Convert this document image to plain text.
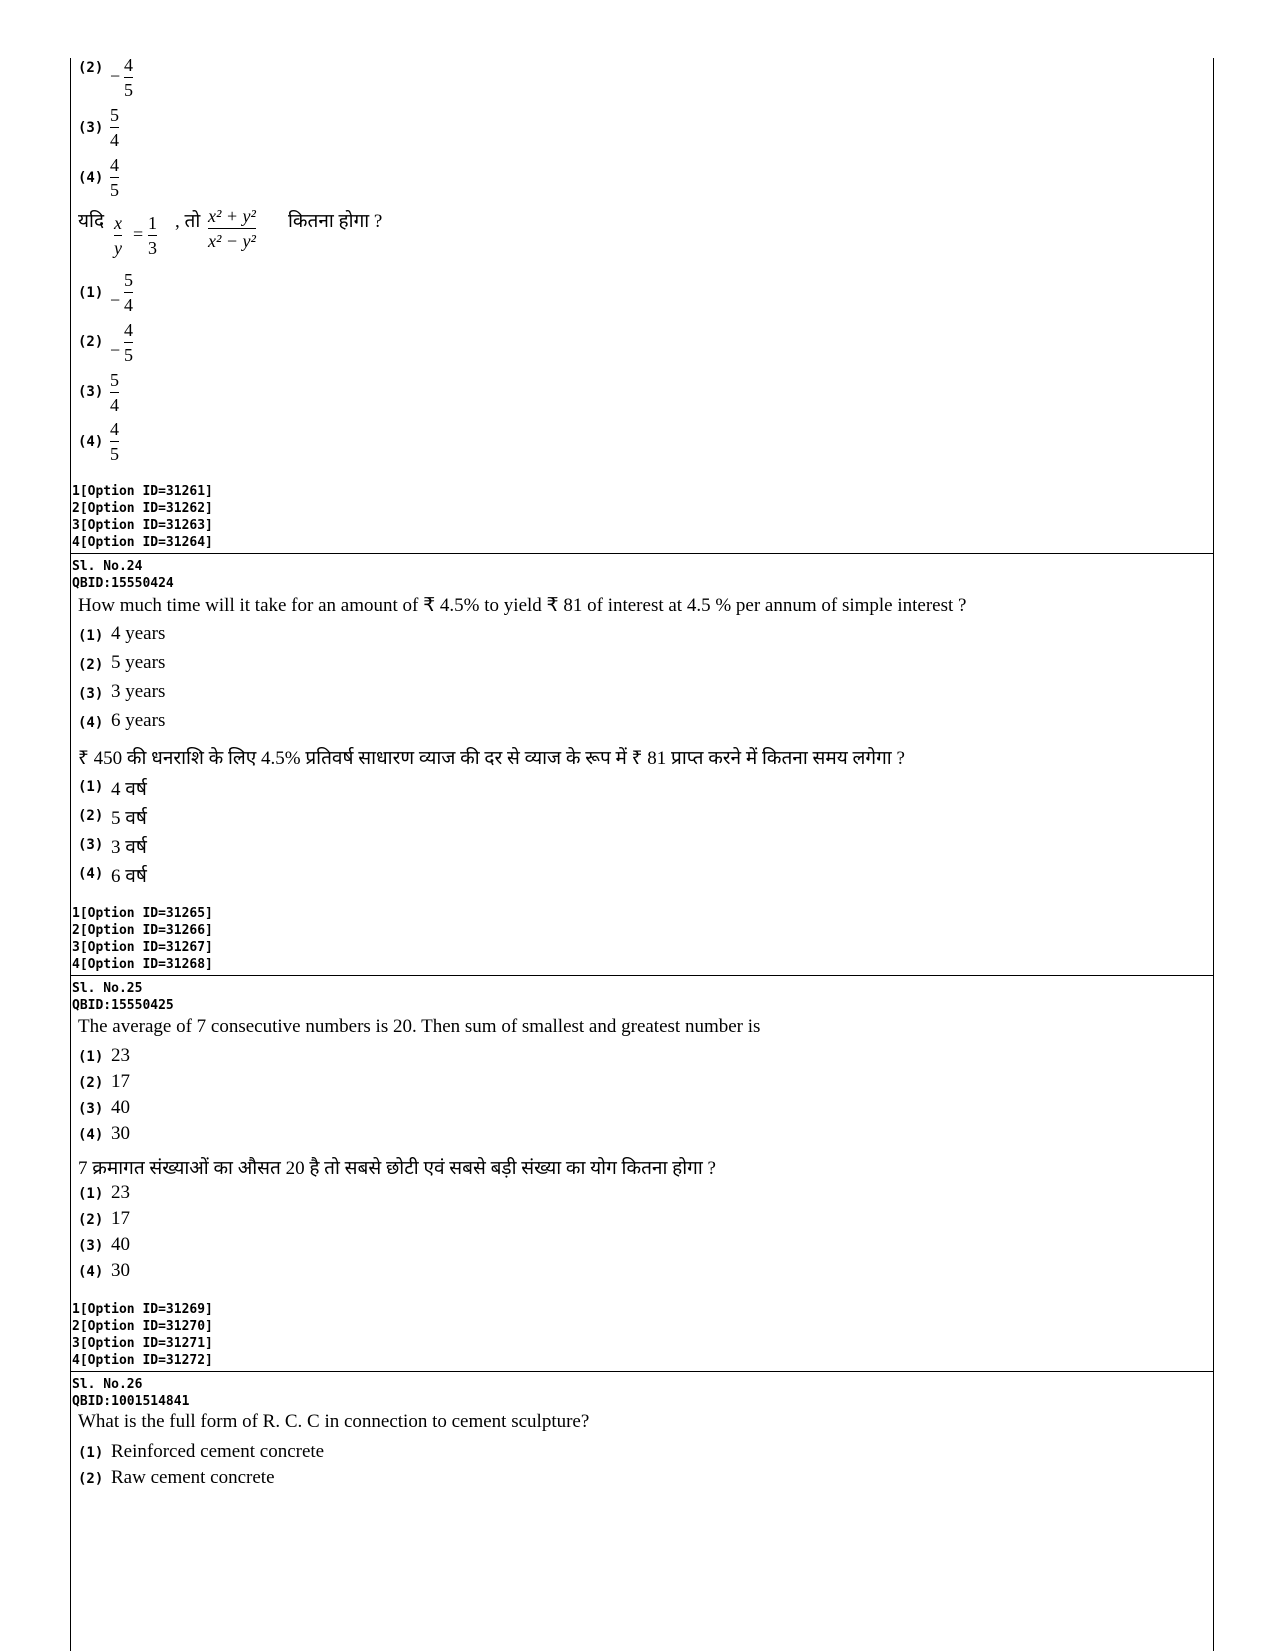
(2) −
4
5
(3)
5
4
(4)
4
5
यदि x
y
=
1
3
, तो x² + y²
x² − y²
कितना होगा ?
(1) −
5
4
(2) −
4
5
(3)
5
4
(4)
4
5
1[Option ID=31261]
2[Option ID=31262]
3[Option ID=31263]
4[Option ID=31264]
Sl. No.24
QBID:15550424
How much time will it take for an amount of ₹ 4.5% to yield ₹ 81 of interest at 4.5 % per annum of simple interest ?
(1) 4 years
(2) 5 years
(3) 3 years
(4) 6 years
₹ 450 की धनराशि के लिए 4.5% प्रतिवर्ष साधारण व्याज की दर से व्याज के रूप में ₹ 81 प्राप्त करने में कितना समय लगेगा ?
(1) 4 वर्ष
(2) 5 वर्ष
(3) 3 वर्ष
(4) 6 वर्ष
1[Option ID=31265]
2[Option ID=31266]
3[Option ID=31267]
4[Option ID=31268]
Sl. No.25
QBID:15550425
The average of 7 consecutive numbers is 20. Then sum of smallest and greatest number is
(1) 23
(2) 17
(3) 40
(4) 30
7 क्रमागत संख्याओं का औसत 20 है तो सबसे छोटी एवं सबसे बड़ी संख्या का योग कितना होगा ?
(1) 23
(2) 17
(3) 40
(4) 30
1[Option ID=31269]
2[Option ID=31270]
3[Option ID=31271]
4[Option ID=31272]
Sl. No.26
QBID:1001514841
What is the full form of R. C. C in connection to cement sculpture?
(1) Reinforced cement concrete
(2) Raw cement concrete
